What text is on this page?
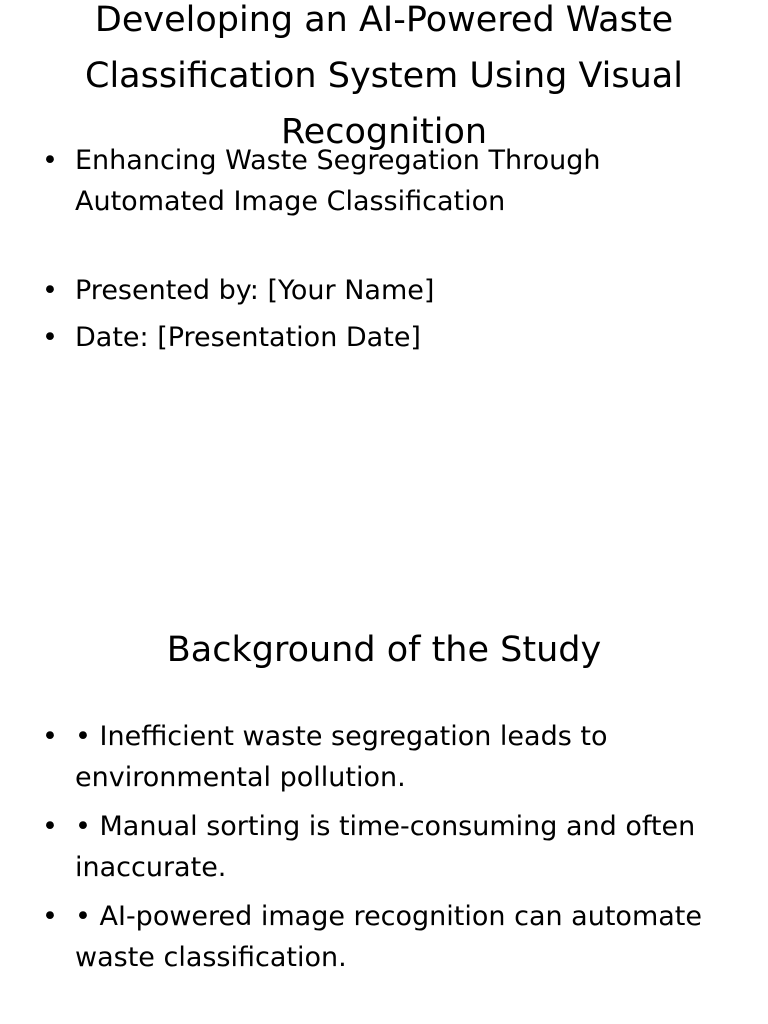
Developing an AI-Powered Waste Classification System Using Visual Recognition
• Enhancing Waste Segregation Through Automated Image Classification
• Presented by: [Your Name]
• Date: [Presentation Date]
Background of the Study
• • Inefficient waste segregation leads to environmental pollution.
• • Manual sorting is time-consuming and often inaccurate.
• • AI-powered image recognition can automate waste classification.
